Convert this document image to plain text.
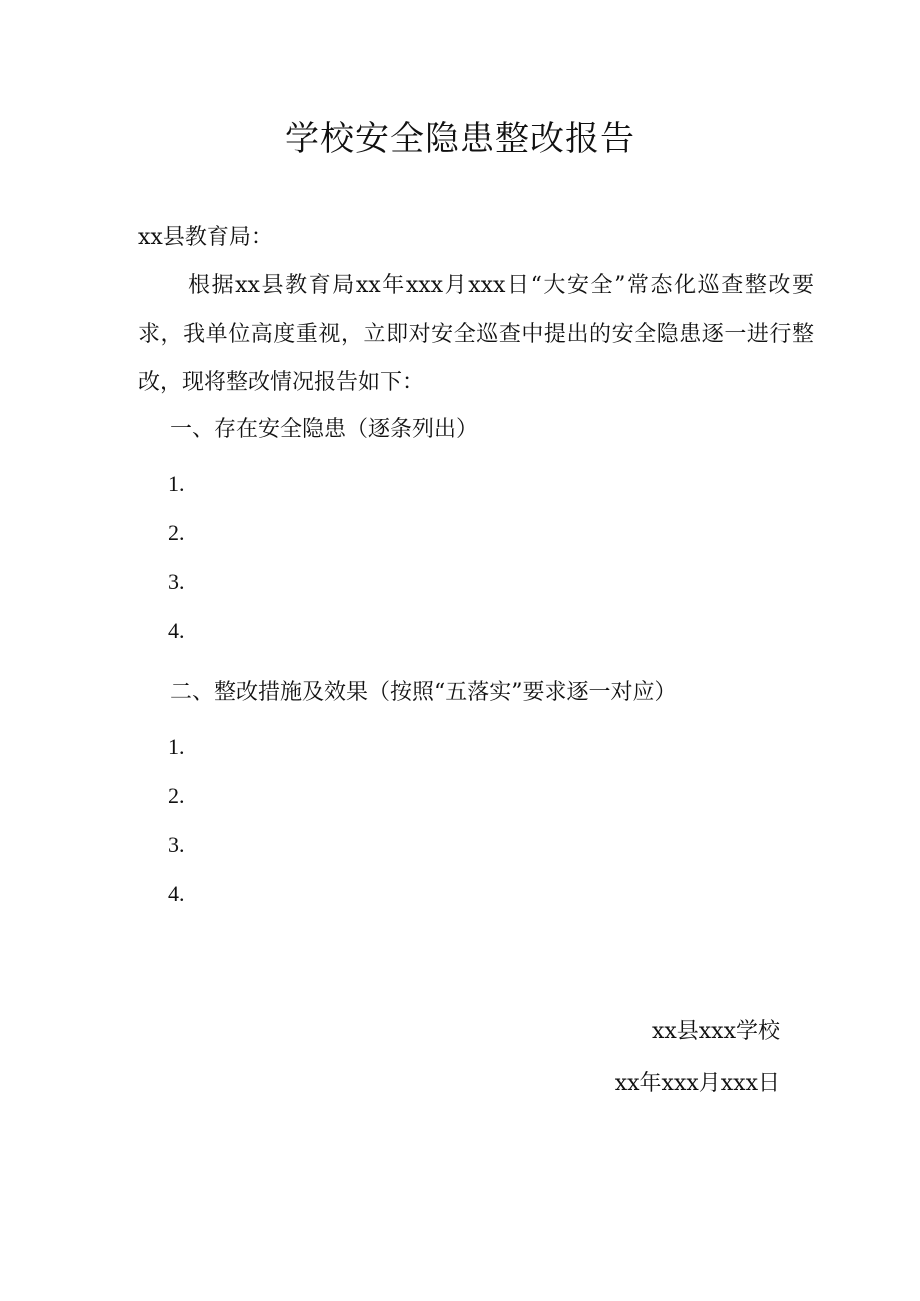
学校安全隐患整改报告

xx县教育局：

根据xx县教育局xx年xxx月xxx日“大安全”常态化巡查整改要求，我单位高度重视，立即对安全巡查中提出的安全隐患逐一进行整改，现将整改情况报告如下：

一、存在安全隐患（逐条列出）
1.
2.
3.
4.
二、整改措施及效果（按照“五落实”要求逐一对应）
1.
2.
3.
4.

xx县xxx学校

xx年xxx月xxx日
